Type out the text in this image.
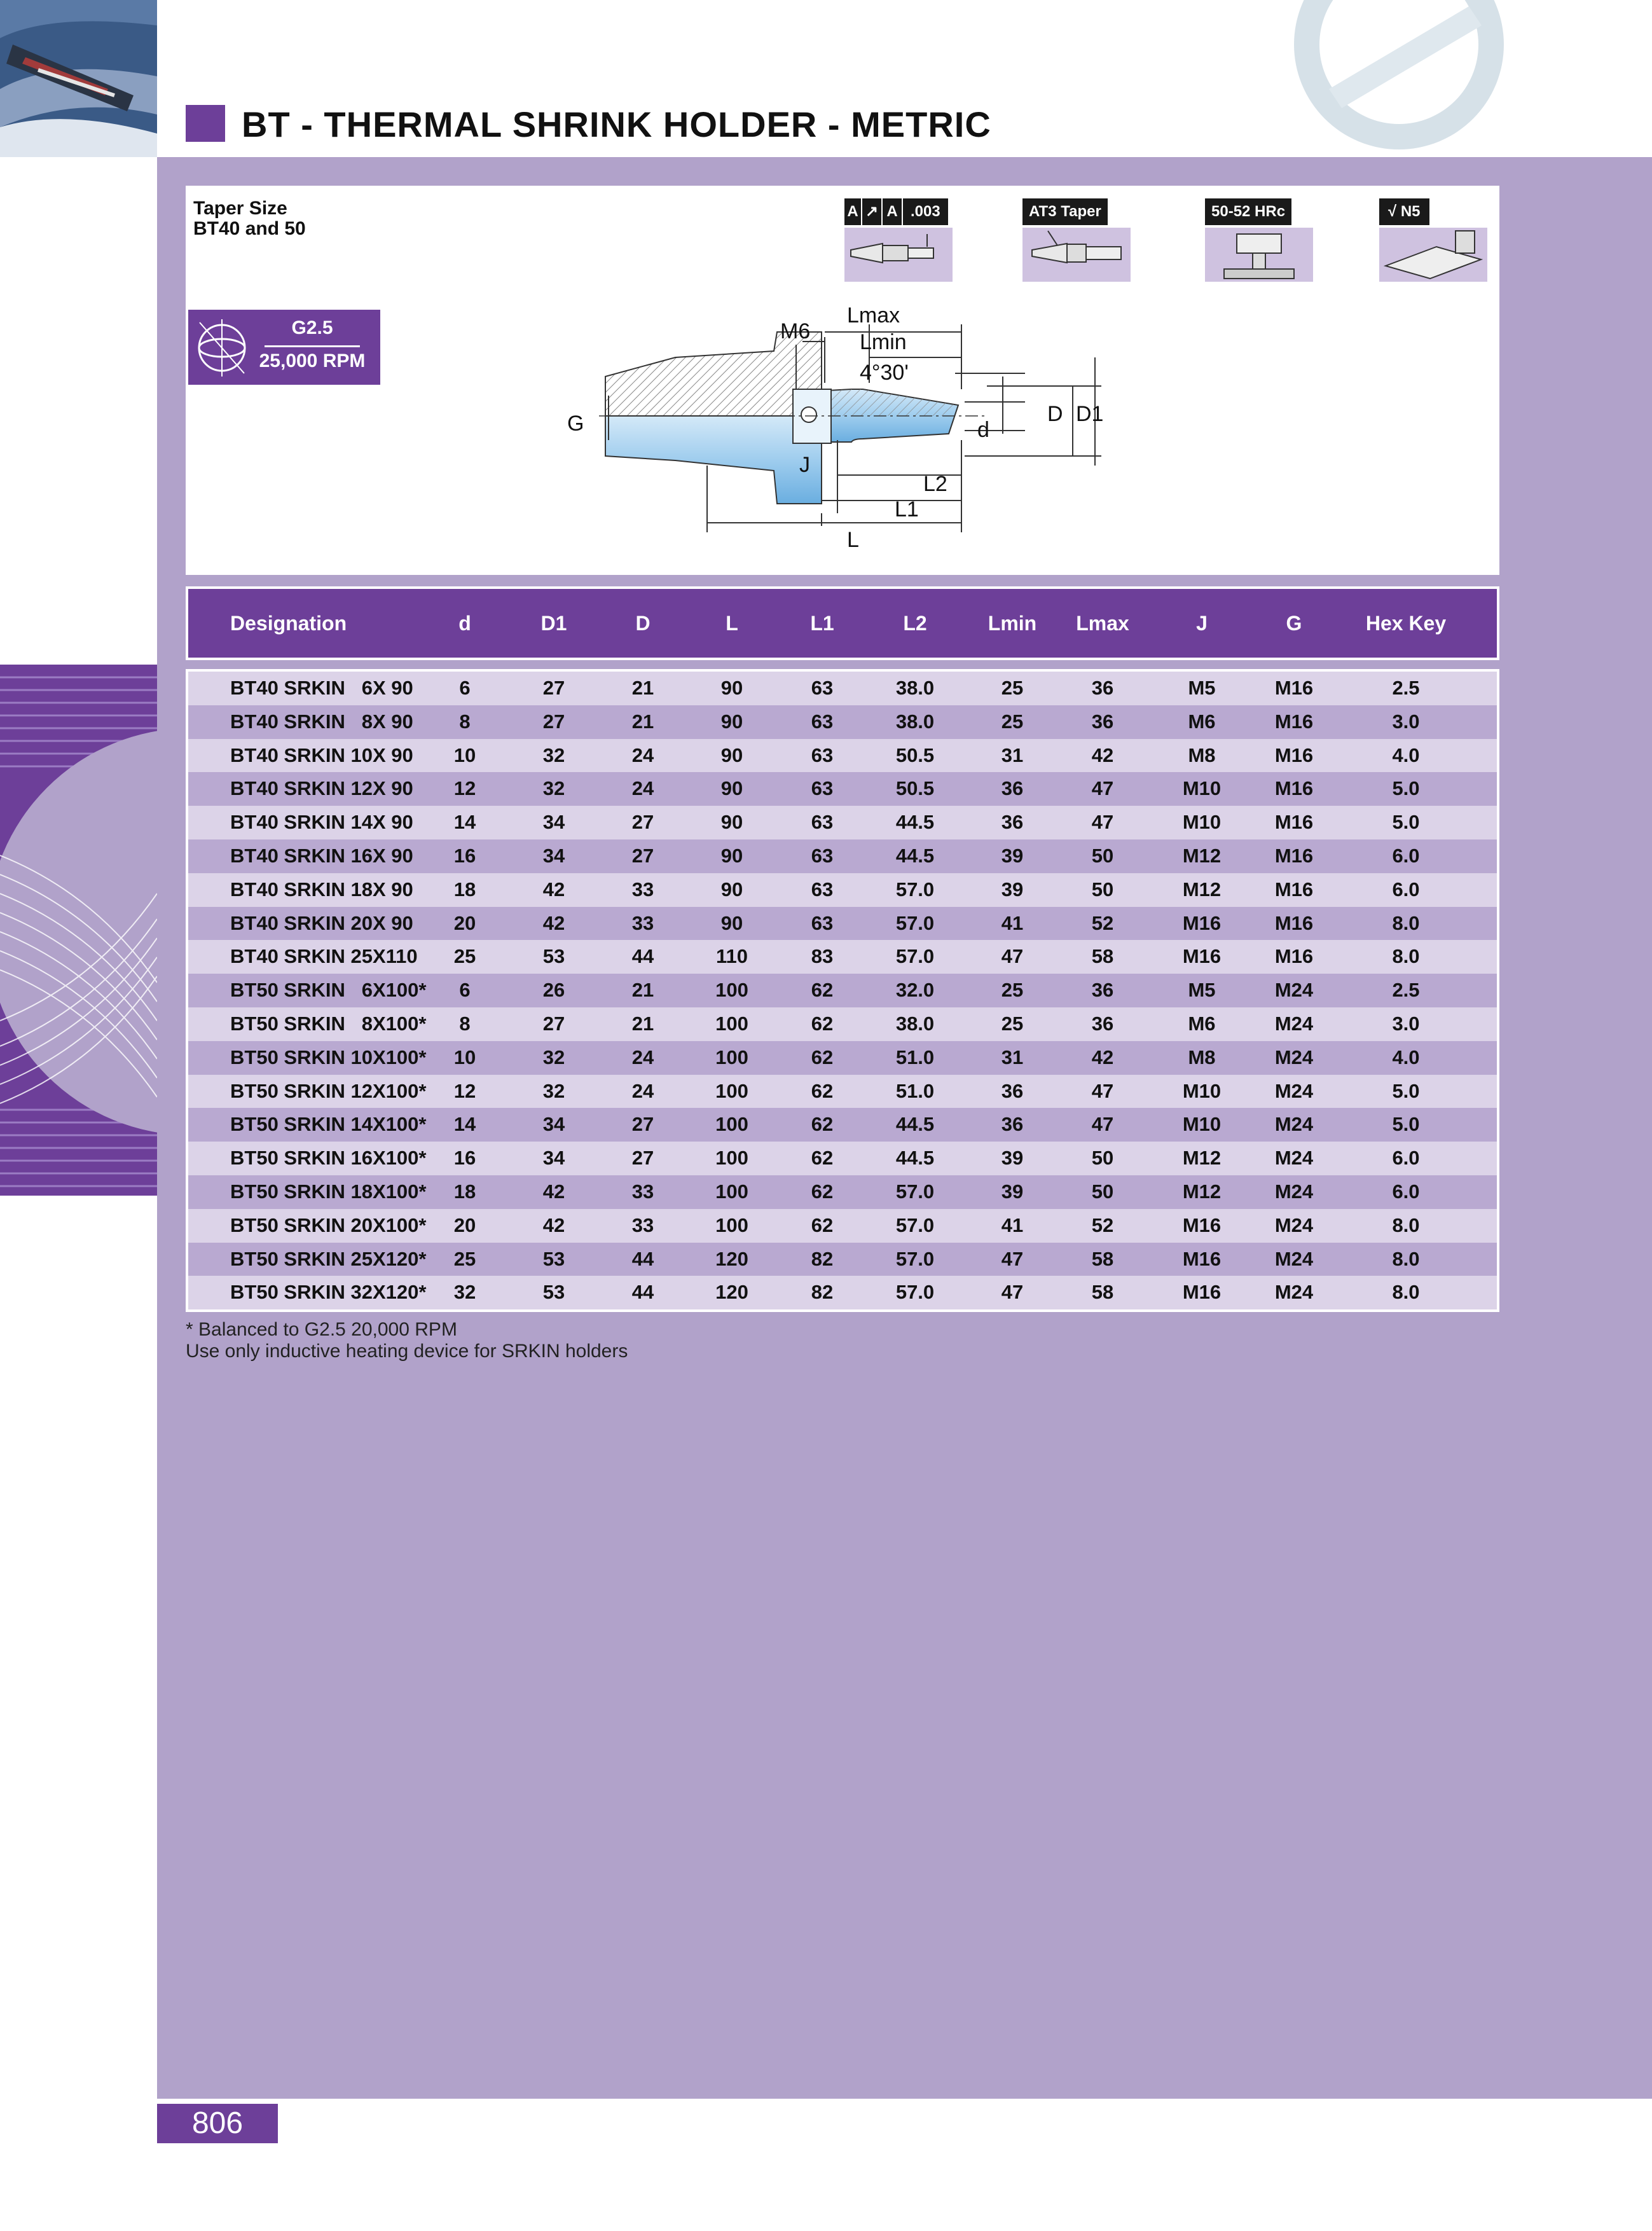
BT - THERMAL SHRINK HOLDER - METRIC
Taper Size
BT40 and 50
G2.5
25,000 RPM
A ↗ A .003	AT3 Taper	50-52 HRc	√ N5
Lmax
Lmin
M6
4°30'
G	d
D D1
J
L2
L1
L
Designation	d	D1	D	L	L1	L2	Lmin	Lmax	J	G	Hex Key
BT40 SRKIN   6X 90	6	27	21	90	63	38.0	25	36	M5	M16	2.5
BT40 SRKIN   8X 90	8	27	21	90	63	38.0	25	36	M6	M16	3.0
BT40 SRKIN 10X 90	10	32	24	90	63	50.5	31	42	M8	M16	4.0
BT40 SRKIN 12X 90	12	32	24	90	63	50.5	36	47	M10	M16	5.0
BT40 SRKIN 14X 90	14	34	27	90	63	44.5	36	47	M10	M16	5.0
BT40 SRKIN 16X 90	16	34	27	90	63	44.5	39	50	M12	M16	6.0
BT40 SRKIN 18X 90	18	42	33	90	63	57.0	39	50	M12	M16	6.0
BT40 SRKIN 20X 90	20	42	33	90	63	57.0	41	52	M16	M16	8.0
BT40 SRKIN 25X110	25	53	44	110	83	57.0	47	58	M16	M16	8.0
BT50 SRKIN   6X100*	6	26	21	100	62	32.0	25	36	M5	M24	2.5
BT50 SRKIN   8X100*	8	27	21	100	62	38.0	25	36	M6	M24	3.0
BT50 SRKIN 10X100*	10	32	24	100	62	51.0	31	42	M8	M24	4.0
BT50 SRKIN 12X100*	12	32	24	100	62	51.0	36	47	M10	M24	5.0
BT50 SRKIN 14X100*	14	34	27	100	62	44.5	36	47	M10	M24	5.0
BT50 SRKIN 16X100*	16	34	27	100	62	44.5	39	50	M12	M24	6.0
BT50 SRKIN 18X100*	18	42	33	100	62	57.0	39	50	M12	M24	6.0
BT50 SRKIN 20X100*	20	42	33	100	62	57.0	41	52	M16	M24	8.0
BT50 SRKIN 25X120*	25	53	44	120	82	57.0	47	58	M16	M24	8.0
BT50 SRKIN 32X120*	32	53	44	120	82	57.0	47	58	M16	M24	8.0
* Balanced to G2.5 20,000 RPM
Use only inductive heating device for SRKIN holders
806
